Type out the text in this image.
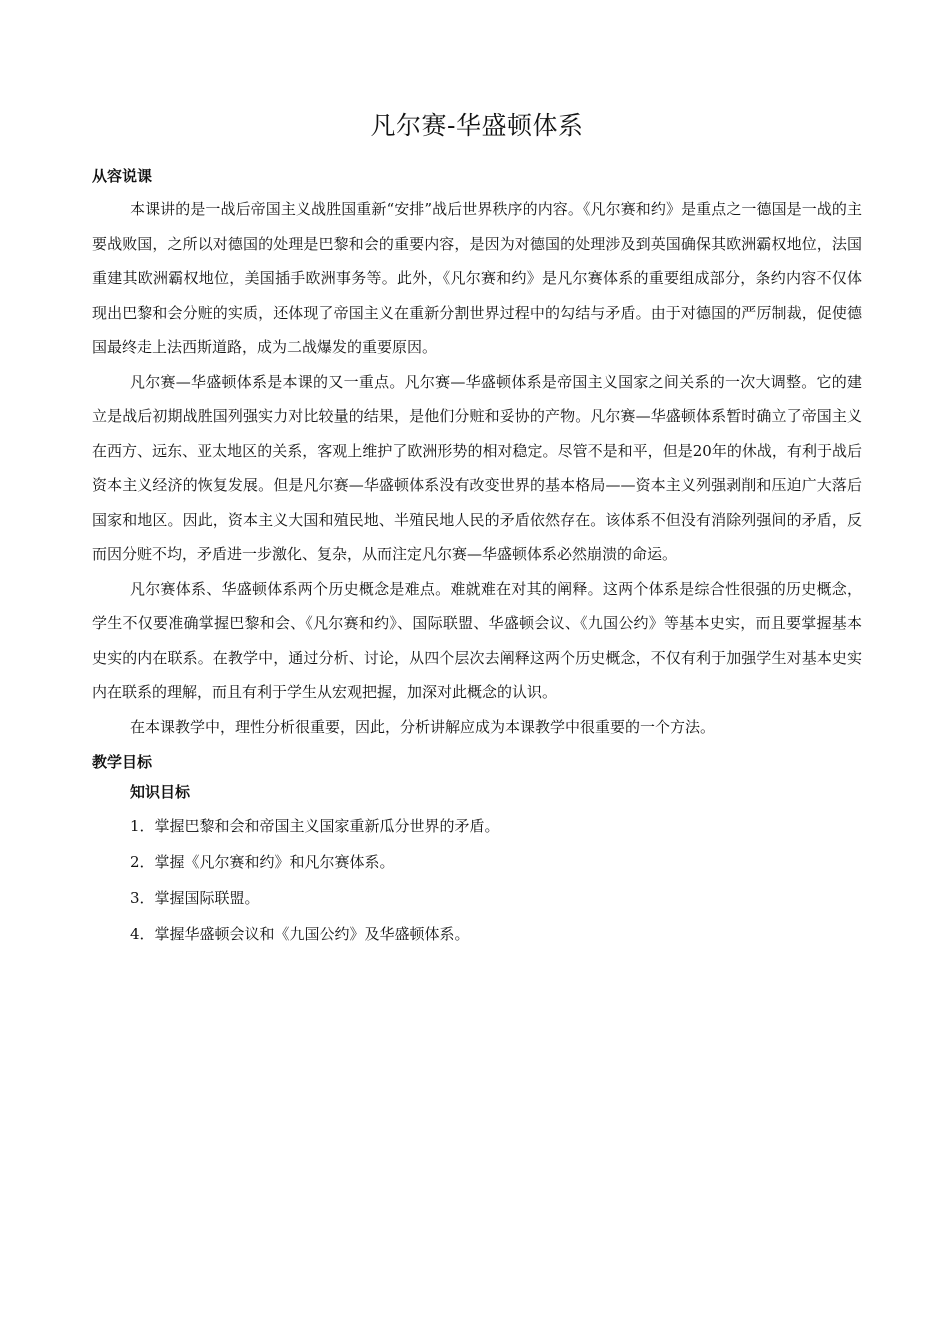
凡尔赛-华盛顿体系
从容说课

本课讲的是一战后帝国主义战胜国重新“安排”战后世界秩序的内容。《凡尔赛和约》是重点之一德国是一战的主要战败国，之所以对德国的处理是巴黎和会的重要内容，是因为对德国的处理涉及到英国确保其欧洲霸权地位，法国重建其欧洲霸权地位，美国插手欧洲事务等。此外，《凡尔赛和约》是凡尔赛体系的重要组成部分，条约内容不仅体现出巴黎和会分赃的实质，还体现了帝国主义在重新分割世界过程中的勾结与矛盾。由于对德国的严厉制裁，促使德国最终走上法西斯道路，成为二战爆发的重要原因。

凡尔赛—华盛顿体系是本课的又一重点。凡尔赛—华盛顿体系是帝国主义国家之间关系的一次大调整。它的建立是战后初期战胜国列强实力对比较量的结果，是他们分赃和妥协的产物。凡尔赛—华盛顿体系暂时确立了帝国主义在西方、远东、亚太地区的关系，客观上维护了欧洲形势的相对稳定。尽管不是和平，但是20年的休战，有利于战后资本主义经济的恢复发展。但是凡尔赛—华盛顿体系没有改变世界的基本格局——资本主义列强剥削和压迫广大落后国家和地区。因此，资本主义大国和殖民地、半殖民地人民的矛盾依然存在。该体系不但没有消除列强间的矛盾，反而因分赃不均，矛盾进一步激化、复杂，从而注定凡尔赛—华盛顿体系必然崩溃的命运。

凡尔赛体系、华盛顿体系两个历史概念是难点。难就难在对其的阐释。这两个体系是综合性很强的历史概念，学生不仅要准确掌握巴黎和会、《凡尔赛和约》、国际联盟、华盛顿会议、《九国公约》等基本史实，而且要掌握基本史实的内在联系。在教学中，通过分析、讨论，从四个层次去阐释这两个历史概念，不仅有利于加强学生对基本史实内在联系的理解，而且有利于学生从宏观把握，加深对此概念的认识。

在本课教学中，理性分析很重要，因此，分析讲解应成为本课教学中很重要的一个方法。

教学目标
知识目标

1．掌握巴黎和会和帝国主义国家重新瓜分世界的矛盾。

2．掌握《凡尔赛和约》和凡尔赛体系。

3．掌握国际联盟。

4．掌握华盛顿会议和《九国公约》及华盛顿体系。
